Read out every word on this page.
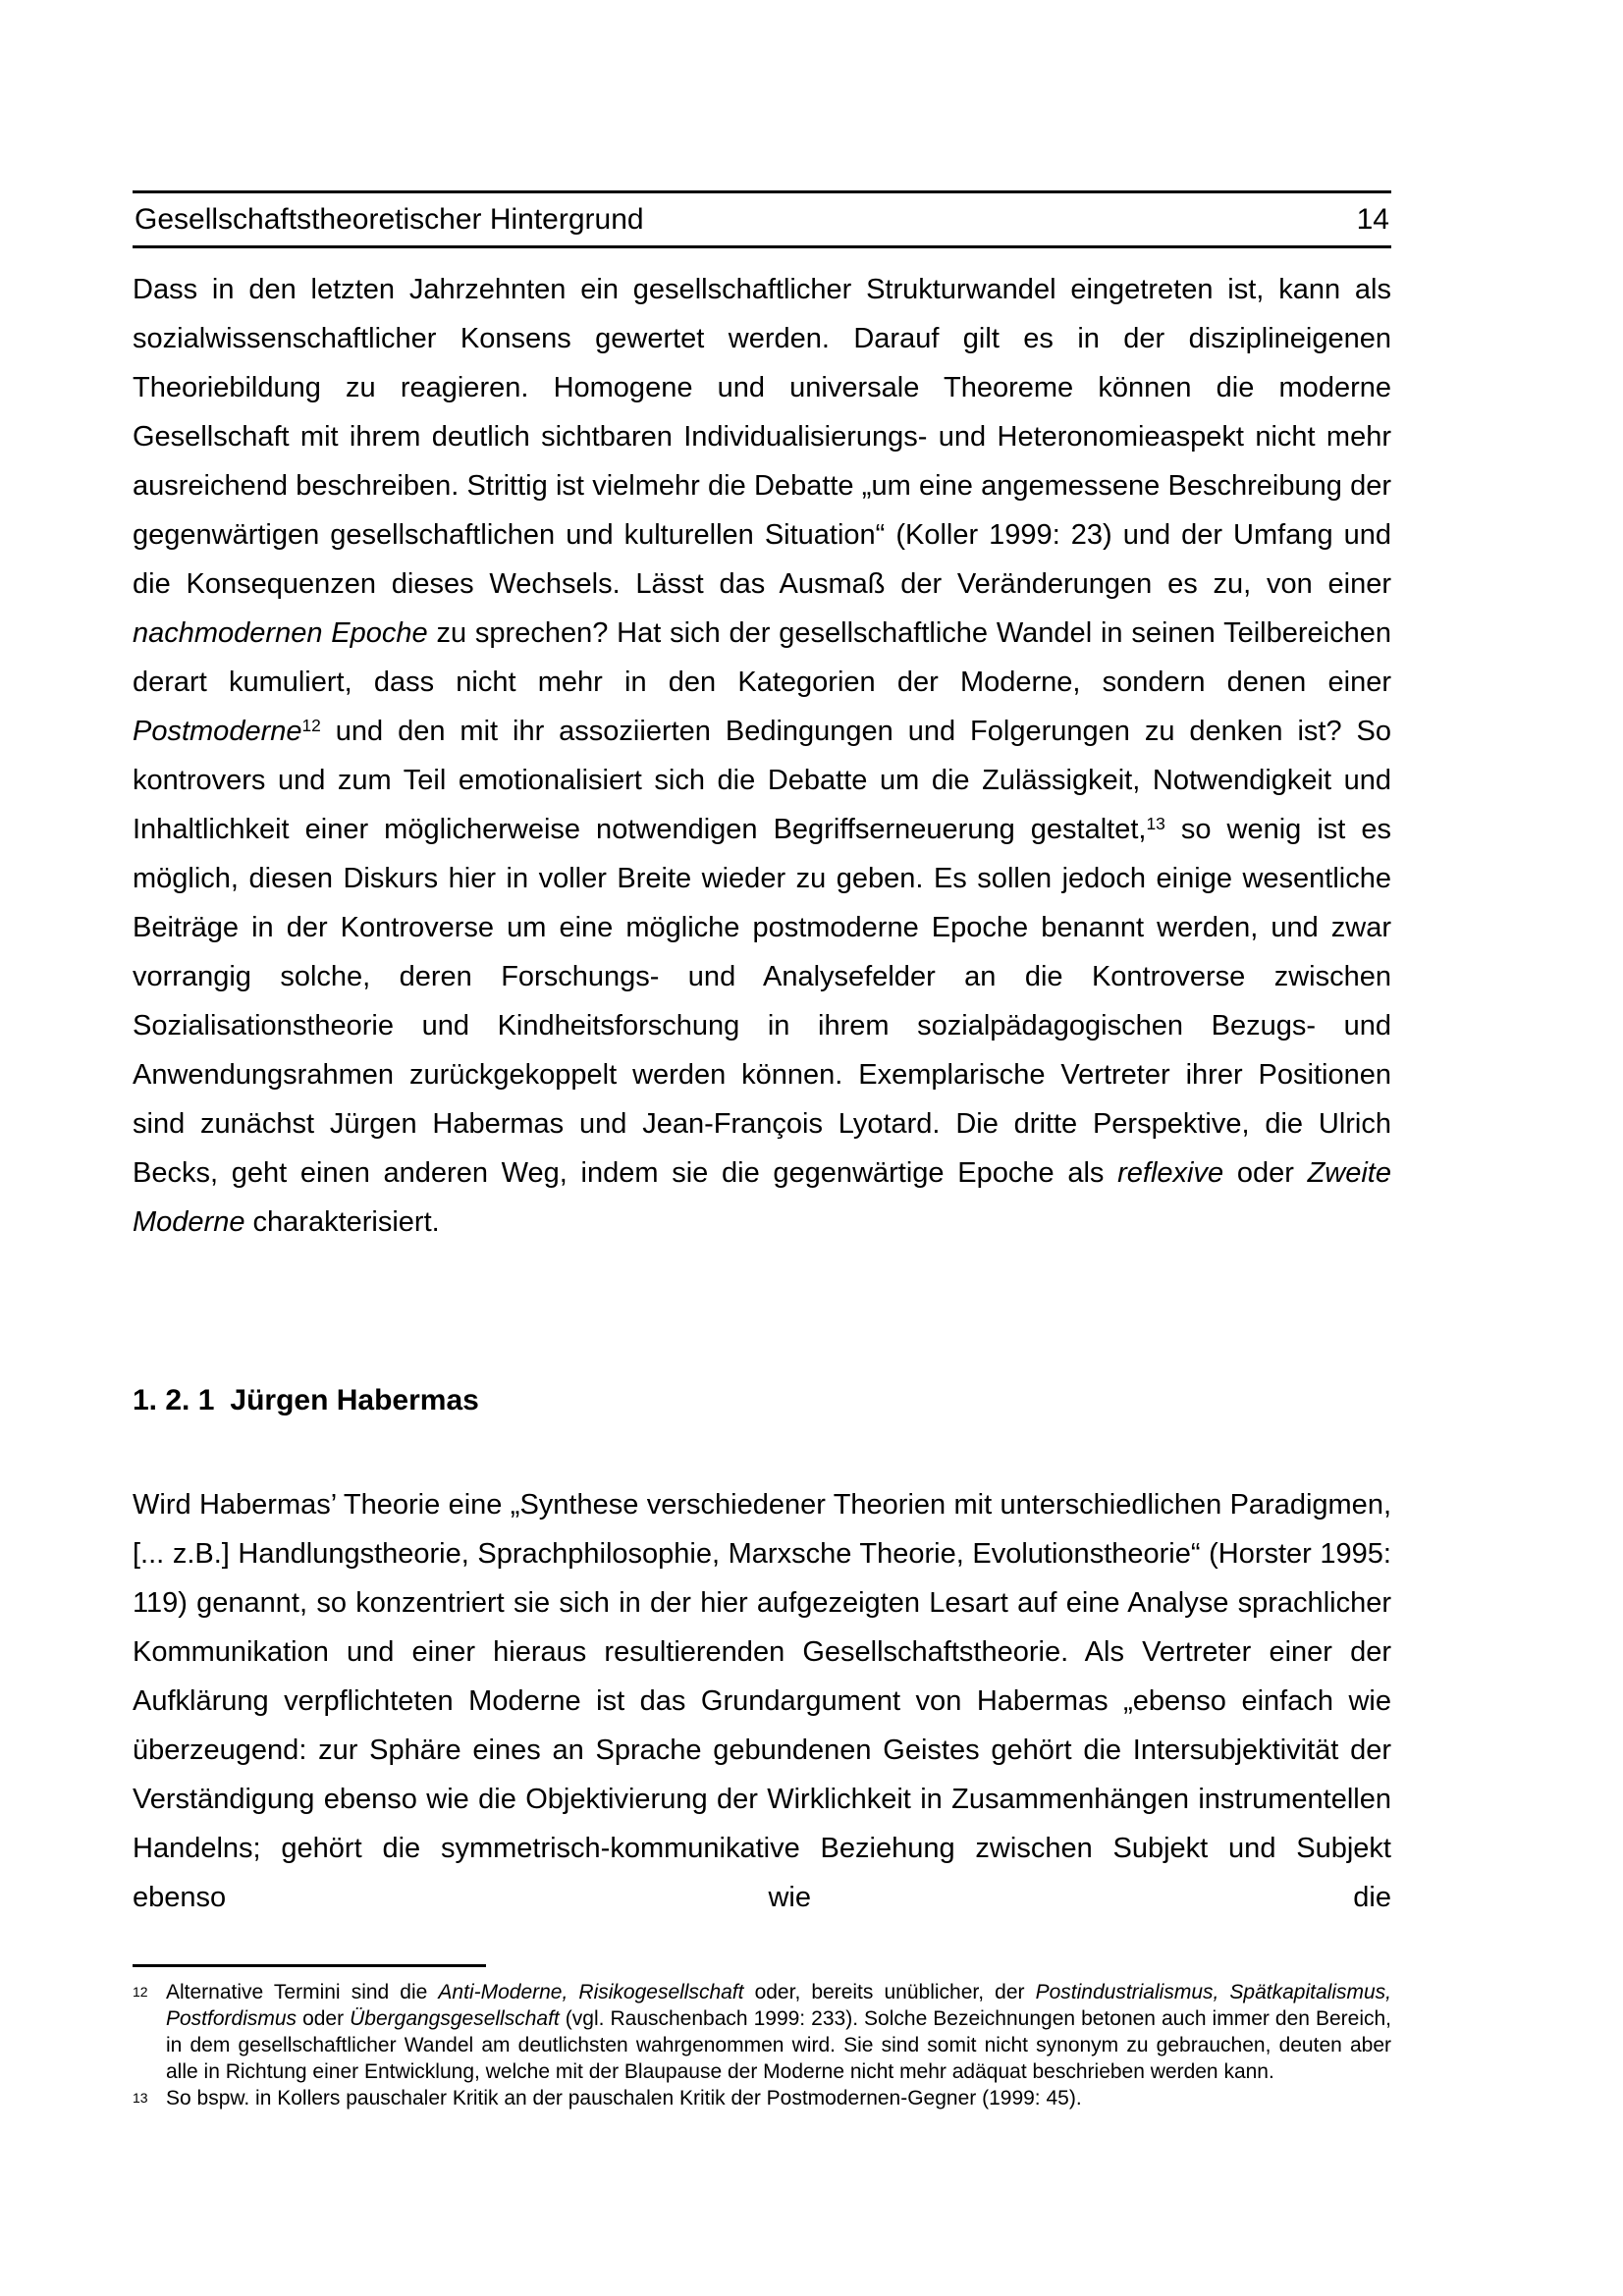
Gesellschaftstheoretischer Hintergrund	14

Dass in den letzten Jahrzehnten ein gesellschaftlicher Strukturwandel eingetreten ist, kann als sozialwissenschaftlicher Konsens gewertet werden. Darauf gilt es in der disziplineigenen Theoriebildung zu reagieren. Homogene und universale Theoreme können die moderne Gesellschaft mit ihrem deutlich sichtbaren Individualisierungs- und Heteronomieaspekt nicht mehr ausreichend beschreiben. Strittig ist vielmehr die Debatte „um eine angemessene Beschreibung der gegenwärtigen gesellschaftlichen und kulturellen Situation“ (Koller 1999: 23) und der Umfang und die Konsequenzen dieses Wechsels. Lässt das Ausmaß der Veränderungen es zu, von einer nachmodernen Epoche zu sprechen? Hat sich der gesellschaftliche Wandel in seinen Teilbereichen derart kumuliert, dass nicht mehr in den Kategorien der Moderne, sondern denen einer Postmoderne$^{12}$ und den mit ihr assoziierten Bedingungen und Folgerungen zu denken ist? So kontrovers und zum Teil emotionalisiert sich die Debatte um die Zulässigkeit, Notwendigkeit und Inhaltlichkeit einer möglicherweise notwendigen Begriffserneuerung gestaltet,$^{13}$ so wenig ist es möglich, diesen Diskurs hier in voller Breite wieder zu geben. Es sollen jedoch einige wesentliche Beiträge in der Kontroverse um eine mögliche postmoderne Epoche benannt werden, und zwar vorrangig solche, deren Forschungs- und Analysefelder an die Kontroverse zwischen Sozialisationstheorie und Kindheitsforschung in ihrem sozialpädagogischen Bezugs- und Anwendungsrahmen zurückgekoppelt werden können. Exemplarische Vertreter ihrer Positionen sind zunächst Jürgen Habermas und Jean-François Lyotard. Die dritte Perspektive, die Ulrich Becks, geht einen anderen Weg, indem sie die gegenwärtige Epoche als reflexive oder Zweite Moderne charakterisiert.

1. 2. 1 Jürgen Habermas

Wird Habermas’ Theorie eine „Synthese verschiedener Theorien mit unterschiedlichen Paradigmen, [... z.B.] Handlungstheorie, Sprachphilosophie, Marxsche Theorie, Evolutionstheorie“ (Horster 1995: 119) genannt, so konzentriert sie sich in der hier aufgezeigten Lesart auf eine Analyse sprachlicher Kommunikation und einer hieraus resultierenden Gesellschaftstheorie. Als Vertreter einer der Aufklärung verpflichteten Moderne ist das Grundargument von Habermas „ebenso einfach wie überzeugend: zur Sphäre eines an Sprache gebundenen Geistes gehört die Intersubjektivität der Verständigung ebenso wie die Objektivierung der Wirklichkeit in Zusammenhängen instrumentellen Handelns; gehört die symmetrisch-kommunikative Beziehung zwischen Subjekt und Subjekt ebenso wie die

12 Alternative Termini sind die Anti-Moderne, Risikogesellschaft oder, bereits unüblicher, der Postindustrialismus, Spätkapitalismus, Postfordismus oder Übergangsgesellschaft (vgl. Rauschenbach 1999: 233). Solche Bezeichnungen betonen auch immer den Bereich, in dem gesellschaftlicher Wandel am deutlichsten wahrgenommen wird. Sie sind somit nicht synonym zu gebrauchen, deuten aber alle in Richtung einer Entwicklung, welche mit der Blaupause der Moderne nicht mehr adäquat beschrieben werden kann.
13 So bspw. in Kollers pauschaler Kritik an der pauschalen Kritik der Postmodernen-Gegner (1999: 45).
